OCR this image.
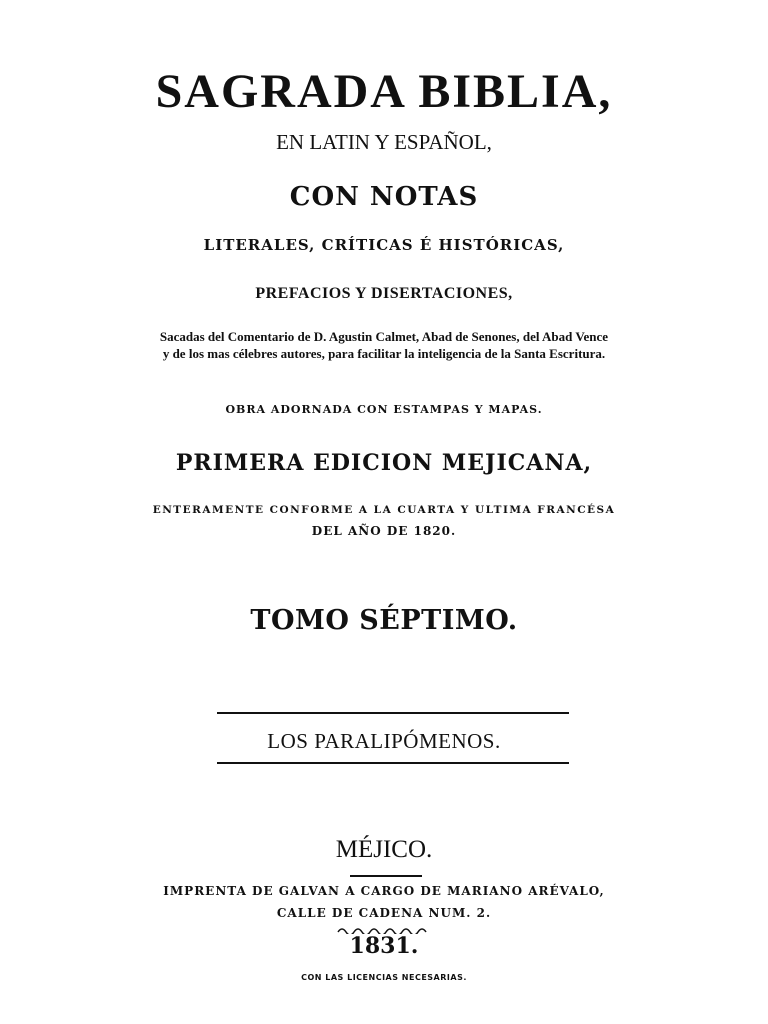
SAGRADA BIBLIA,
EN LATIN Y ESPAÑOL,
CON NOTAS
LITERALES, CRÍTICAS É HISTÓRICAS,
PREFACIOS Y DISERTACIONES,
Sacadas del Comentario de D. Agustin Calmet, Abad de Senones, del Abad Vence
y de los mas célebres autores, para facilitar la inteligencia de la Santa Escritura.
OBRA ADORNADA CON ESTAMPAS Y MAPAS.
PRIMERA EDICION MEJICANA,
ENTERAMENTE CONFORME A LA CUARTA Y ULTIMA FRANCÉSA
DEL AÑO DE 1820.
TOMO SÉPTIMO.
LOS PARALIPÓMENOS.
MÉJICO.
IMPRENTA DE GALVAN A CARGO DE MARIANO ARÉVALO,
CALLE DE CADENA NUM. 2.
1831.
CON LAS LICENCIAS NECESARIAS.
